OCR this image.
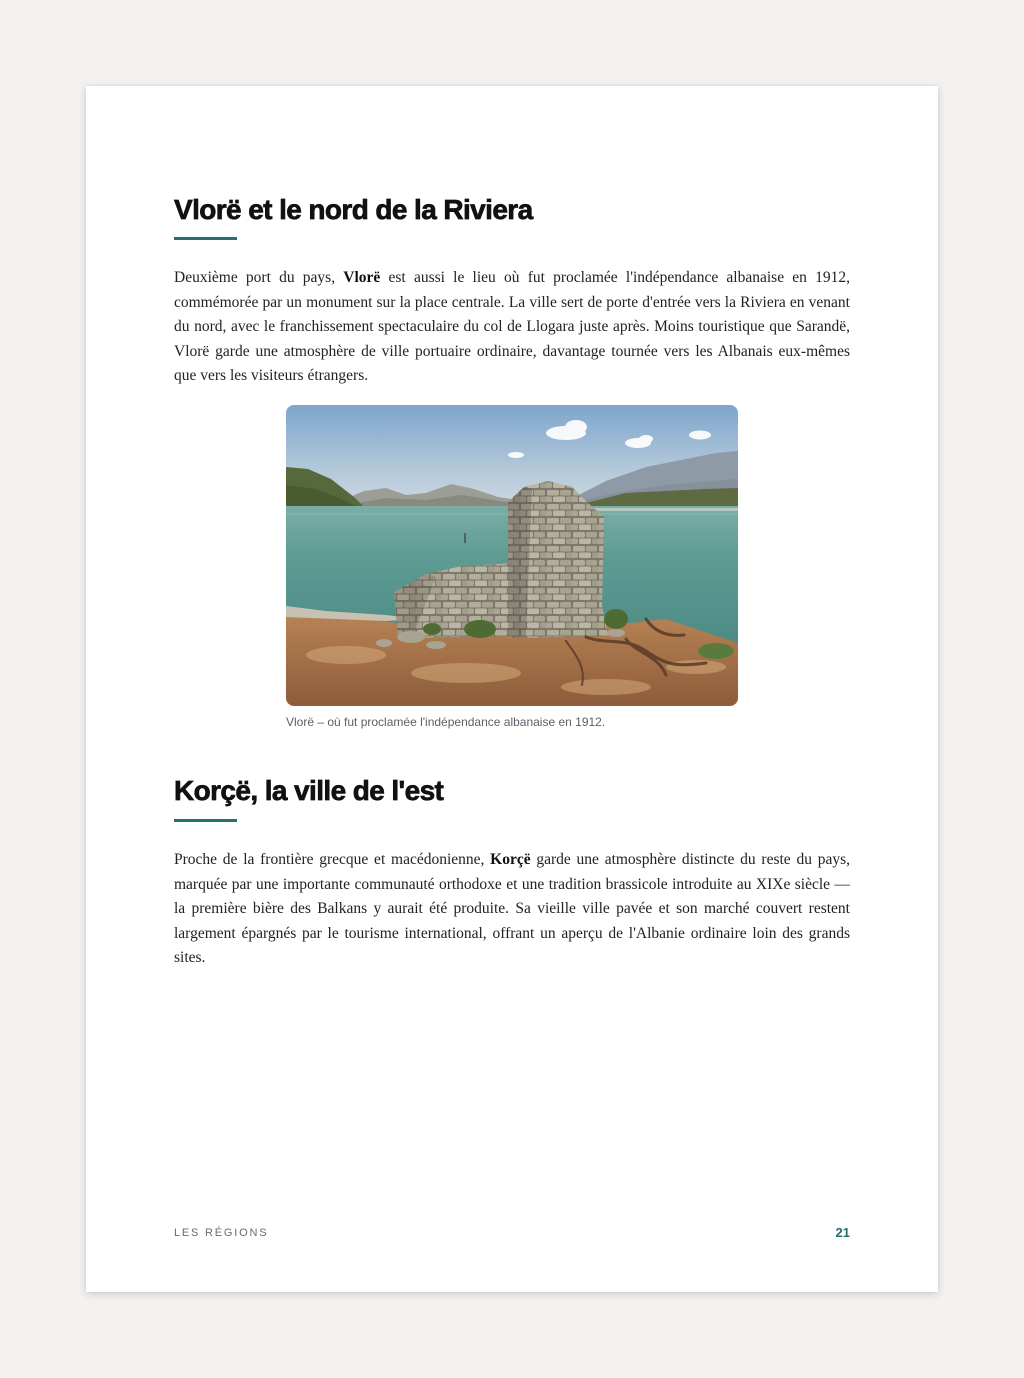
Vlorë et le nord de la Riviera

Deuxième port du pays, Vlorë est aussi le lieu où fut proclamée l'indépendance albanaise en 1912, commémorée par un monument sur la place centrale. La ville sert de porte d'entrée vers la Riviera en venant du nord, avec le franchissement spectaculaire du col de Llogara juste après. Moins touristique que Sarandë, Vlorë garde une atmosphère de ville portuaire ordinaire, davantage tournée vers les Albanais eux-mêmes que vers les visiteurs étrangers.

Vlorë – où fut proclamée l'indépendance albanaise en 1912.
Korçë, la ville de l'est

Proche de la frontière grecque et macédonienne, Korçë garde une atmosphère distincte du reste du pays, marquée par une importante communauté orthodoxe et une tradition brassicole introduite au XIXe siècle — la première bière des Balkans y aurait été produite. Sa vieille ville pavée et son marché couvert restent largement épargnés par le tourisme international, offrant un aperçu de l'Albanie ordinaire loin des grands sites.

LES RÉGIONS	21
